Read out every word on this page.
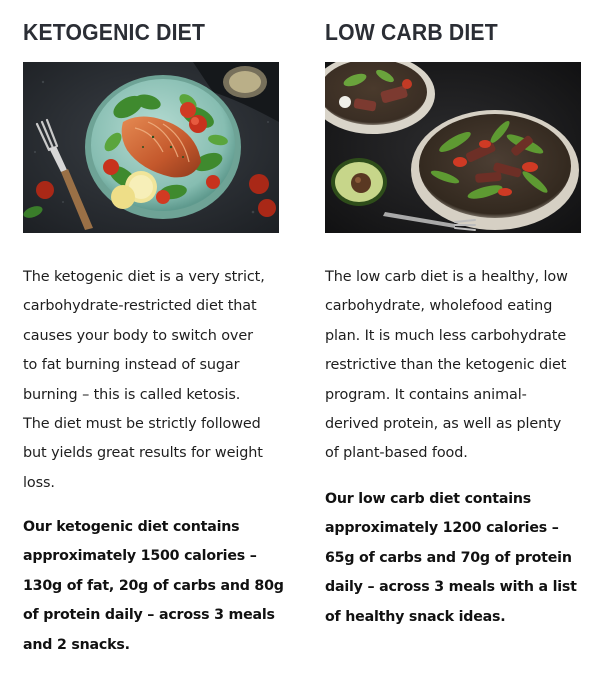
KETOGENIC DIET

The ketogenic diet is a very strict,
carbohydrate-restricted diet that
causes your body to switch over
to fat burning instead of sugar
burning – this is called ketosis.
The diet must be strictly followed
but yields great results for weight
loss.

Our ketogenic diet contains
approximately 1500 calories –
130g of fat, 20g of carbs and 80g
of protein daily – across 3 meals
and 2 snacks.

LOW CARB DIET

The low carb diet is a healthy, low
carbohydrate, wholefood eating
plan. It is much less carbohydrate
restrictive than the ketogenic diet
program. It contains animal-
derived protein, as well as plenty
of plant-based food.

Our low carb diet contains
approximately 1200 calories –
65g of carbs and 70g of protein
daily – across 3 meals with a list
of healthy snack ideas.
